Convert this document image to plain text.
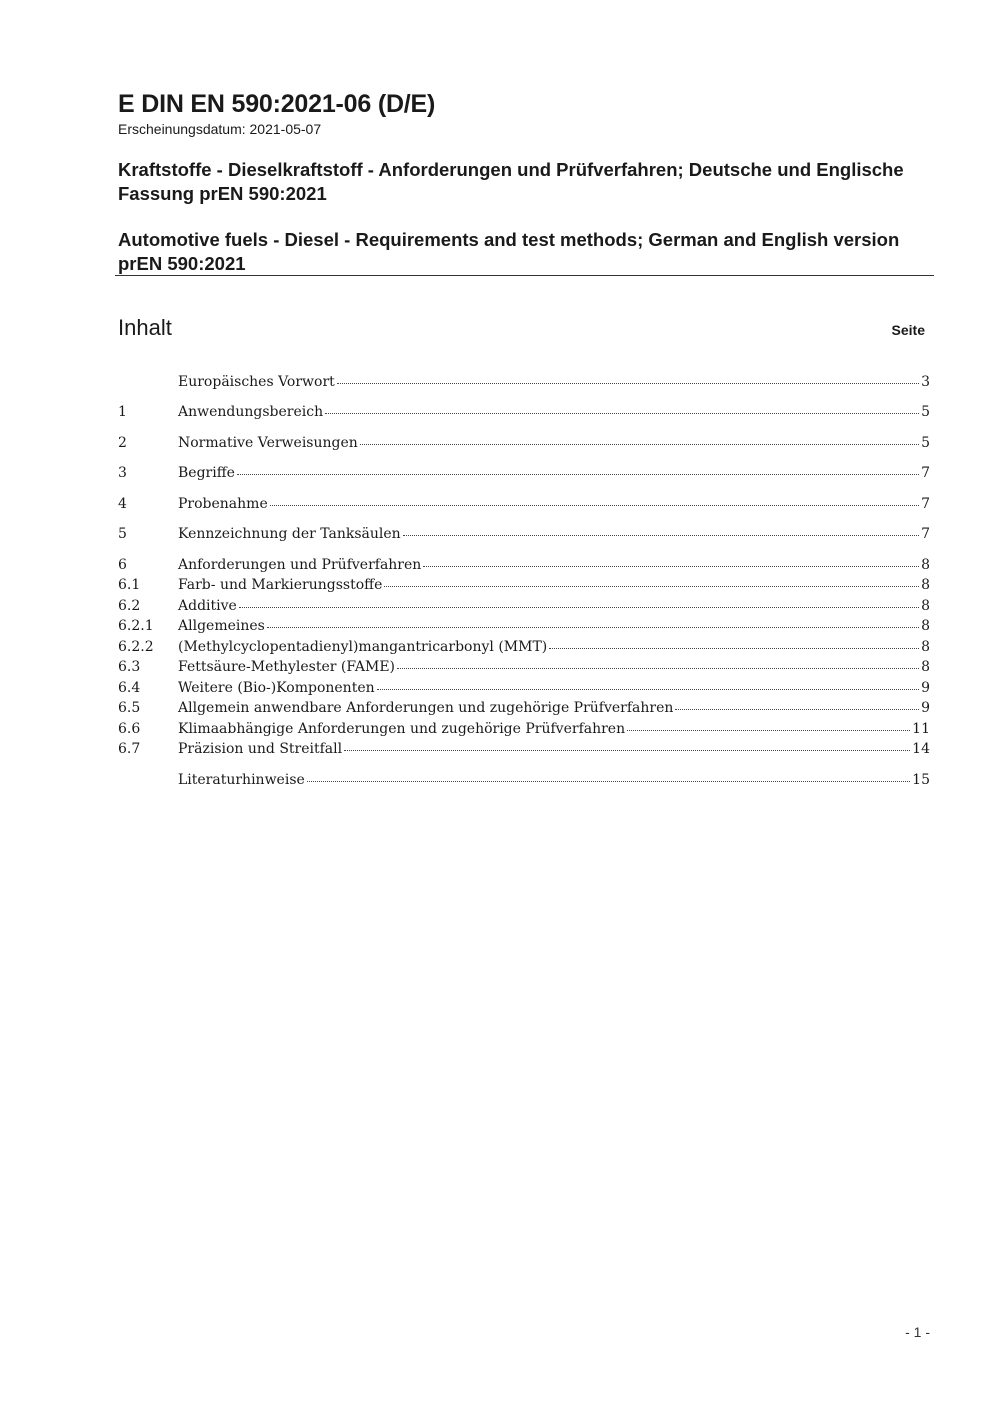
E DIN EN 590:2021-06 (D/E)
Erscheinungsdatum: 2021-05-07
Kraftstoffe - Dieselkraftstoff - Anforderungen und Prüfverfahren; Deutsche und Englische Fassung prEN 590:2021
Automotive fuels - Diesel - Requirements and test methods; German and English version prEN 590:2021
Inhalt	Seite
Europäisches Vorwort	3
1	Anwendungsbereich	5
2	Normative Verweisungen	5
3	Begriffe	7
4	Probenahme	7
5	Kennzeichnung der Tanksäulen	7
6	Anforderungen und Prüfverfahren	8
6.1	Farb- und Markierungsstoffe	8
6.2	Additive	8
6.2.1	Allgemeines	8
6.2.2	(Methylcyclopentadienyl)mangantricarbonyl (MMT)	8
6.3	Fettsäure-Methylester (FAME)	8
6.4	Weitere (Bio-)Komponenten	9
6.5	Allgemein anwendbare Anforderungen und zugehörige Prüfverfahren	9
6.6	Klimaabhängige Anforderungen und zugehörige Prüfverfahren	11
6.7	Präzision und Streitfall	14
Literaturhinweise	15
- 1 -
